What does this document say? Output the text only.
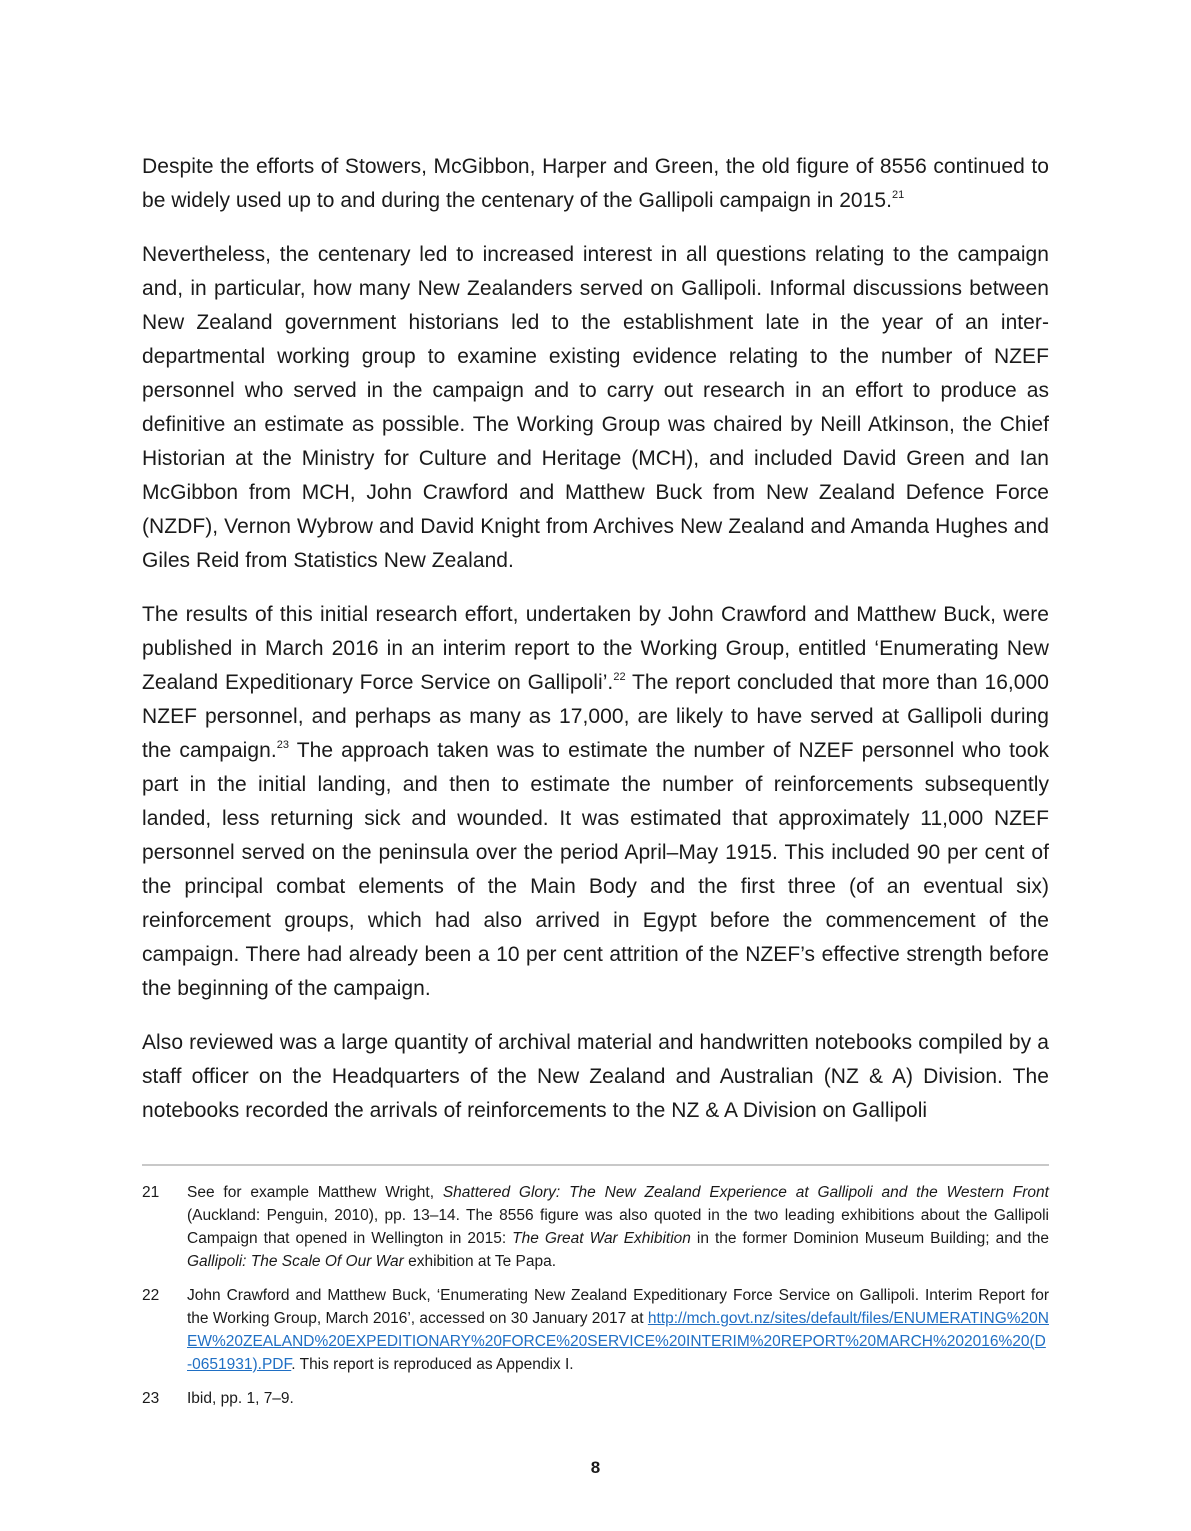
Despite the efforts of Stowers, McGibbon, Harper and Green, the old figure of 8556 continued to be widely used up to and during the centenary of the Gallipoli campaign in 2015.21

Nevertheless, the centenary led to increased interest in all questions relating to the campaign and, in particular, how many New Zealanders served on Gallipoli. Informal discussions between New Zealand government historians led to the establishment late in the year of an inter-departmental working group to examine existing evidence relating to the number of NZEF personnel who served in the campaign and to carry out research in an effort to produce as definitive an estimate as possible. The Working Group was chaired by Neill Atkinson, the Chief Historian at the Ministry for Culture and Heritage (MCH), and included David Green and Ian McGibbon from MCH, John Crawford and Matthew Buck from New Zealand Defence Force (NZDF), Vernon Wybrow and David Knight from Archives New Zealand and Amanda Hughes and Giles Reid from Statistics New Zealand.

The results of this initial research effort, undertaken by John Crawford and Matthew Buck, were published in March 2016 in an interim report to the Working Group, entitled ‘Enumerating New Zealand Expeditionary Force Service on Gallipoli’.$^{22}$ The report concluded that more than 16,000 NZEF personnel, and perhaps as many as 17,000, are likely to have served at Gallipoli during the campaign.$^{23}$ The approach taken was to estimate the number of NZEF personnel who took part in the initial landing, and then to estimate the number of reinforcements subsequently landed, less returning sick and wounded. It was estimated that approximately 11,000 NZEF personnel served on the peninsula over the period April–May 1915. This included 90 per cent of the principal combat elements of the Main Body and the first three (of an eventual six) reinforcement groups, which had also arrived in Egypt before the commencement of the campaign. There had already been a 10 per cent attrition of the NZEF’s effective strength before the beginning of the campaign.

Also reviewed was a large quantity of archival material and handwritten notebooks compiled by a staff officer on the Headquarters of the New Zealand and Australian (NZ & A) Division. The notebooks recorded the arrivals of reinforcements to the NZ & A Division on Gallipoli

21	See for example Matthew Wright, Shattered Glory: The New Zealand Experience at Gallipoli and the Western Front (Auckland: Penguin, 2010), pp. 13–14. The 8556 figure was also quoted in the two leading exhibitions about the Gallipoli Campaign that opened in Wellington in 2015: The Great War Exhibition in the former Dominion Museum Building; and the Gallipoli: The Scale Of Our War exhibition at Te Papa.
22	John Crawford and Matthew Buck, ‘Enumerating New Zealand Expeditionary Force Service on Gallipoli. Interim Report for the Working Group, March 2016’, accessed on 30 January 2017 at http://mch.govt.nz/sites/default/files/ENUMERATING%20NEW%20ZEALAND%20EXPEDITIONARY%20FORCE%20SERVICE%20INTERIM%20REPORT%20MARCH%202016%20(D-0651931).PDF. This report is reproduced as Appendix I.
23	Ibid, pp. 1, 7–9.
8
